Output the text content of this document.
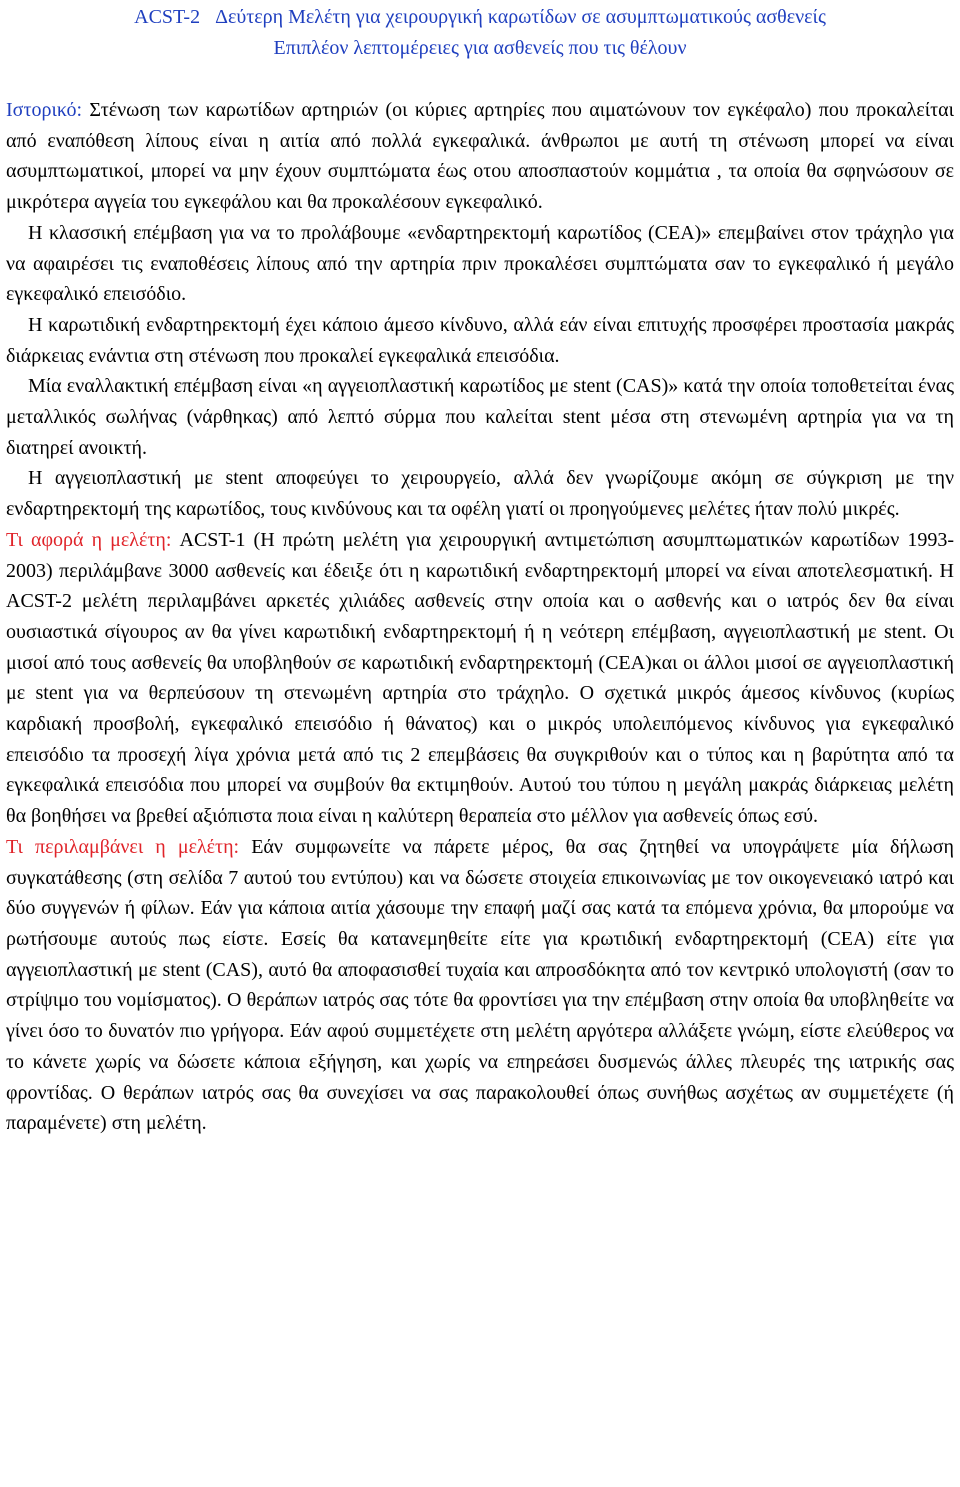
ACST-2 Δεύτερη Μελέτη για χειρουργική καρωτίδων σε ασυμπτωματικούς ασθενείς
Επιπλέον λεπτομέρειες για ασθενείς που τις θέλουν

Ιστορικό: Στένωση των καρωτίδων αρτηριών (οι κύριες αρτηρίες που αιματώνουν τον εγκέφαλο) που προκαλείται από εναπόθεση λίπους είναι η αιτία από πολλά εγκεφαλικά. άνθρωποι με αυτή τη στένωση μπορεί να είναι ασυμπτωματικοί, μπορεί να μην έχουν συμπτώματα έως οτου αποσπαστούν κομμάτια , τα οποία θα σφηνώσουν σε μικρότερα αγγεία του εγκεφάλου και θα προκαλέσουν εγκεφαλικό.

Η κλασσική επέμβαση για να το προλάβουμε «ενδαρτηρεκτομή καρωτίδος (CEA)» επεμβαίνει στον τράχηλο για να αφαιρέσει τις εναποθέσεις λίπους από την αρτηρία πριν προκαλέσει συμπτώματα σαν το εγκεφαλικό ή μεγάλο εγκεφαλικό επεισόδιο.

Η καρωτιδική ενδαρτηρεκτομή έχει κάποιο άμεσο κίνδυνο, αλλά εάν είναι επιτυχής προσφέρει προστασία μακράς διάρκειας ενάντια στη στένωση που προκαλεί εγκεφαλικά επεισόδια.

Μία εναλλακτική επέμβαση είναι «η αγγειοπλαστική καρωτίδος με stent (CAS)» κατά την οποία τοποθετείται ένας μεταλλικός σωλήνας (νάρθηκας) από λεπτό σύρμα που καλείται stent μέσα στη στενωμένη αρτηρία για να τη διατηρεί ανοικτή.

Η αγγειοπλαστική με stent αποφεύγει το χειρουργείο, αλλά δεν γνωρίζουμε ακόμη σε σύγκριση με την ενδαρτηρεκτομή της καρωτίδος, τους κινδύνους και τα οφέλη γιατί οι προηγούμενες μελέτες ήταν πολύ μικρές.

Τι αφορά η μελέτη: ACST-1 (Η πρώτη μελέτη για χειρουργική αντιμετώπιση ασυμπτωματικών καρωτίδων 1993-2003) περιλάμβανε 3000 ασθενείς και έδειξε ότι η καρωτιδική ενδαρτηρεκτομή μπορεί να είναι αποτελεσματική. Η ACST-2 μελέτη περιλαμβάνει αρκετές χιλιάδες ασθενείς στην οποία και ο ασθενής και ο ιατρός δεν θα είναι ουσιαστικά σίγουρος αν θα γίνει καρωτιδική ενδαρτηρεκτομή ή η νεότερη επέμβαση, αγγειοπλαστική με stent. Οι μισοί από τους ασθενείς θα υποβληθούν σε καρωτιδική ενδαρτηρεκτομή (CEA)και οι άλλοι μισοί σε αγγειοπλαστική με stent για να θερπεύσουν τη στενωμένη αρτηρία στο τράχηλο. Ο σχετικά μικρός άμεσος κίνδυνος (κυρίως καρδιακή προσβολή, εγκεφαλικό επεισόδιο ή θάνατος) και ο μικρός υπολειπόμενος κίνδυνος για εγκεφαλικό επεισόδιο τα προσεχή λίγα χρόνια μετά από τις 2 επεμβάσεις θα συγκριθούν και ο τύπος και η βαρύτητα από τα εγκεφαλικά επεισόδια που μπορεί να συμβούν θα εκτιμηθούν. Αυτού του τύπου η μεγάλη μακράς διάρκειας μελέτη θα βοηθήσει να βρεθεί αξιόπιστα ποια είναι η καλύτερη θεραπεία στο μέλλον για ασθενείς όπως εσύ.

Τι περιλαμβάνει η μελέτη: Εάν συμφωνείτε να πάρετε μέρος, θα σας ζητηθεί να υπογράψετε μία δήλωση συγκατάθεσης (στη σελίδα 7 αυτού του εντύπου) και να δώσετε στοιχεία επικοινωνίας με τον οικογενειακό ιατρό και δύο συγγενών ή φίλων. Εάν για κάποια αιτία χάσουμε την επαφή μαζί σας κατά τα επόμενα χρόνια, θα μπορούμε να ρωτήσουμε αυτούς πως είστε. Εσείς θα κατανεμηθείτε είτε για κρωτιδική ενδαρτηρεκτομή (CEA) είτε για αγγειοπλαστική με stent (CAS), αυτό θα αποφασισθεί τυχαία και απροσδόκητα από τον κεντρικό υπολογιστή (σαν το στρίψιμο του νομίσματος). Ο θεράπων ιατρός σας τότε θα φροντίσει για την επέμβαση στην οποία θα υποβληθείτε να γίνει όσο το δυνατόν πιο γρήγορα. Εάν αφού συμμετέχετε στη μελέτη αργότερα αλλάξετε γνώμη, είστε ελεύθερος να το κάνετε χωρίς να δώσετε κάποια εξήγηση, και χωρίς να επηρεάσει δυσμενώς άλλες πλευρές της ιατρικής σας φροντίδας. Ο θεράπων ιατρός σας θα συνεχίσει να σας παρακολουθεί όπως συνήθως ασχέτως αν συμμετέχετε (ή παραμένετε) στη μελέτη.
